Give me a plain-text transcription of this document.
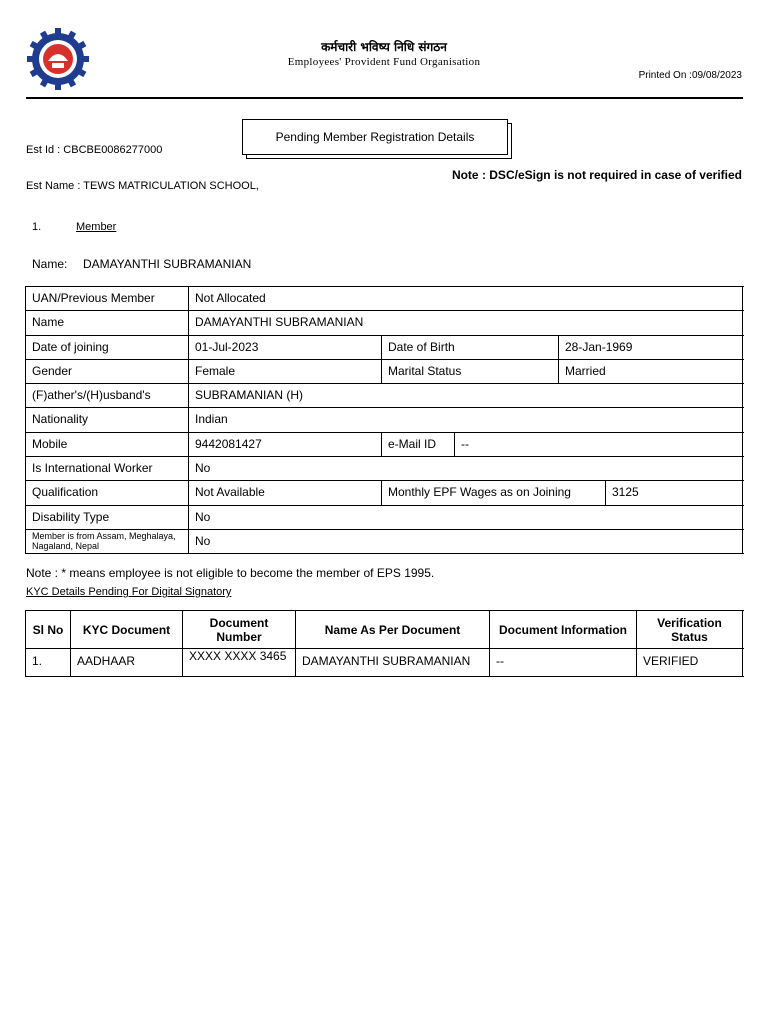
कर्मचारी भविष्य निधि संगठन
Employees' Provident Fund Organisation
Printed On :09/08/2023
Pending Member Registration Details
Est Id : CBCBE0086277000
Note : DSC/eSign is not required in case of verified
Est Name : TEWS MATRICULATION SCHOOL,
1.	Member
Name: DAMAYANTHI SUBRAMANIAN
UAN/Previous Member	Not Allocated
Name	DAMAYANTHI SUBRAMANIAN
Date of joining	01-Jul-2023	Date of Birth	28-Jan-1969
Gender	Female	Marital Status	Married
(F)ather's/(H)usband's	SUBRAMANIAN (H)
Nationality	Indian
Mobile	9442081427	e-Mail ID	--
Is International Worker	No
Qualification	Not Available	Monthly EPF Wages as on Joining	3125
Disability Type	No
Member is from Assam, Meghalaya, Nagaland, Nepal	No
Note : * means employee is not eligible to become the member of EPS 1995.
KYC Details Pending For Digital Signatory
Sl No	KYC Document	Document Number	Name As Per Document	Document Information	Verification Status
1.	AADHAAR	XXXX XXXX 3465	DAMAYANTHI SUBRAMANIAN	--	VERIFIED
